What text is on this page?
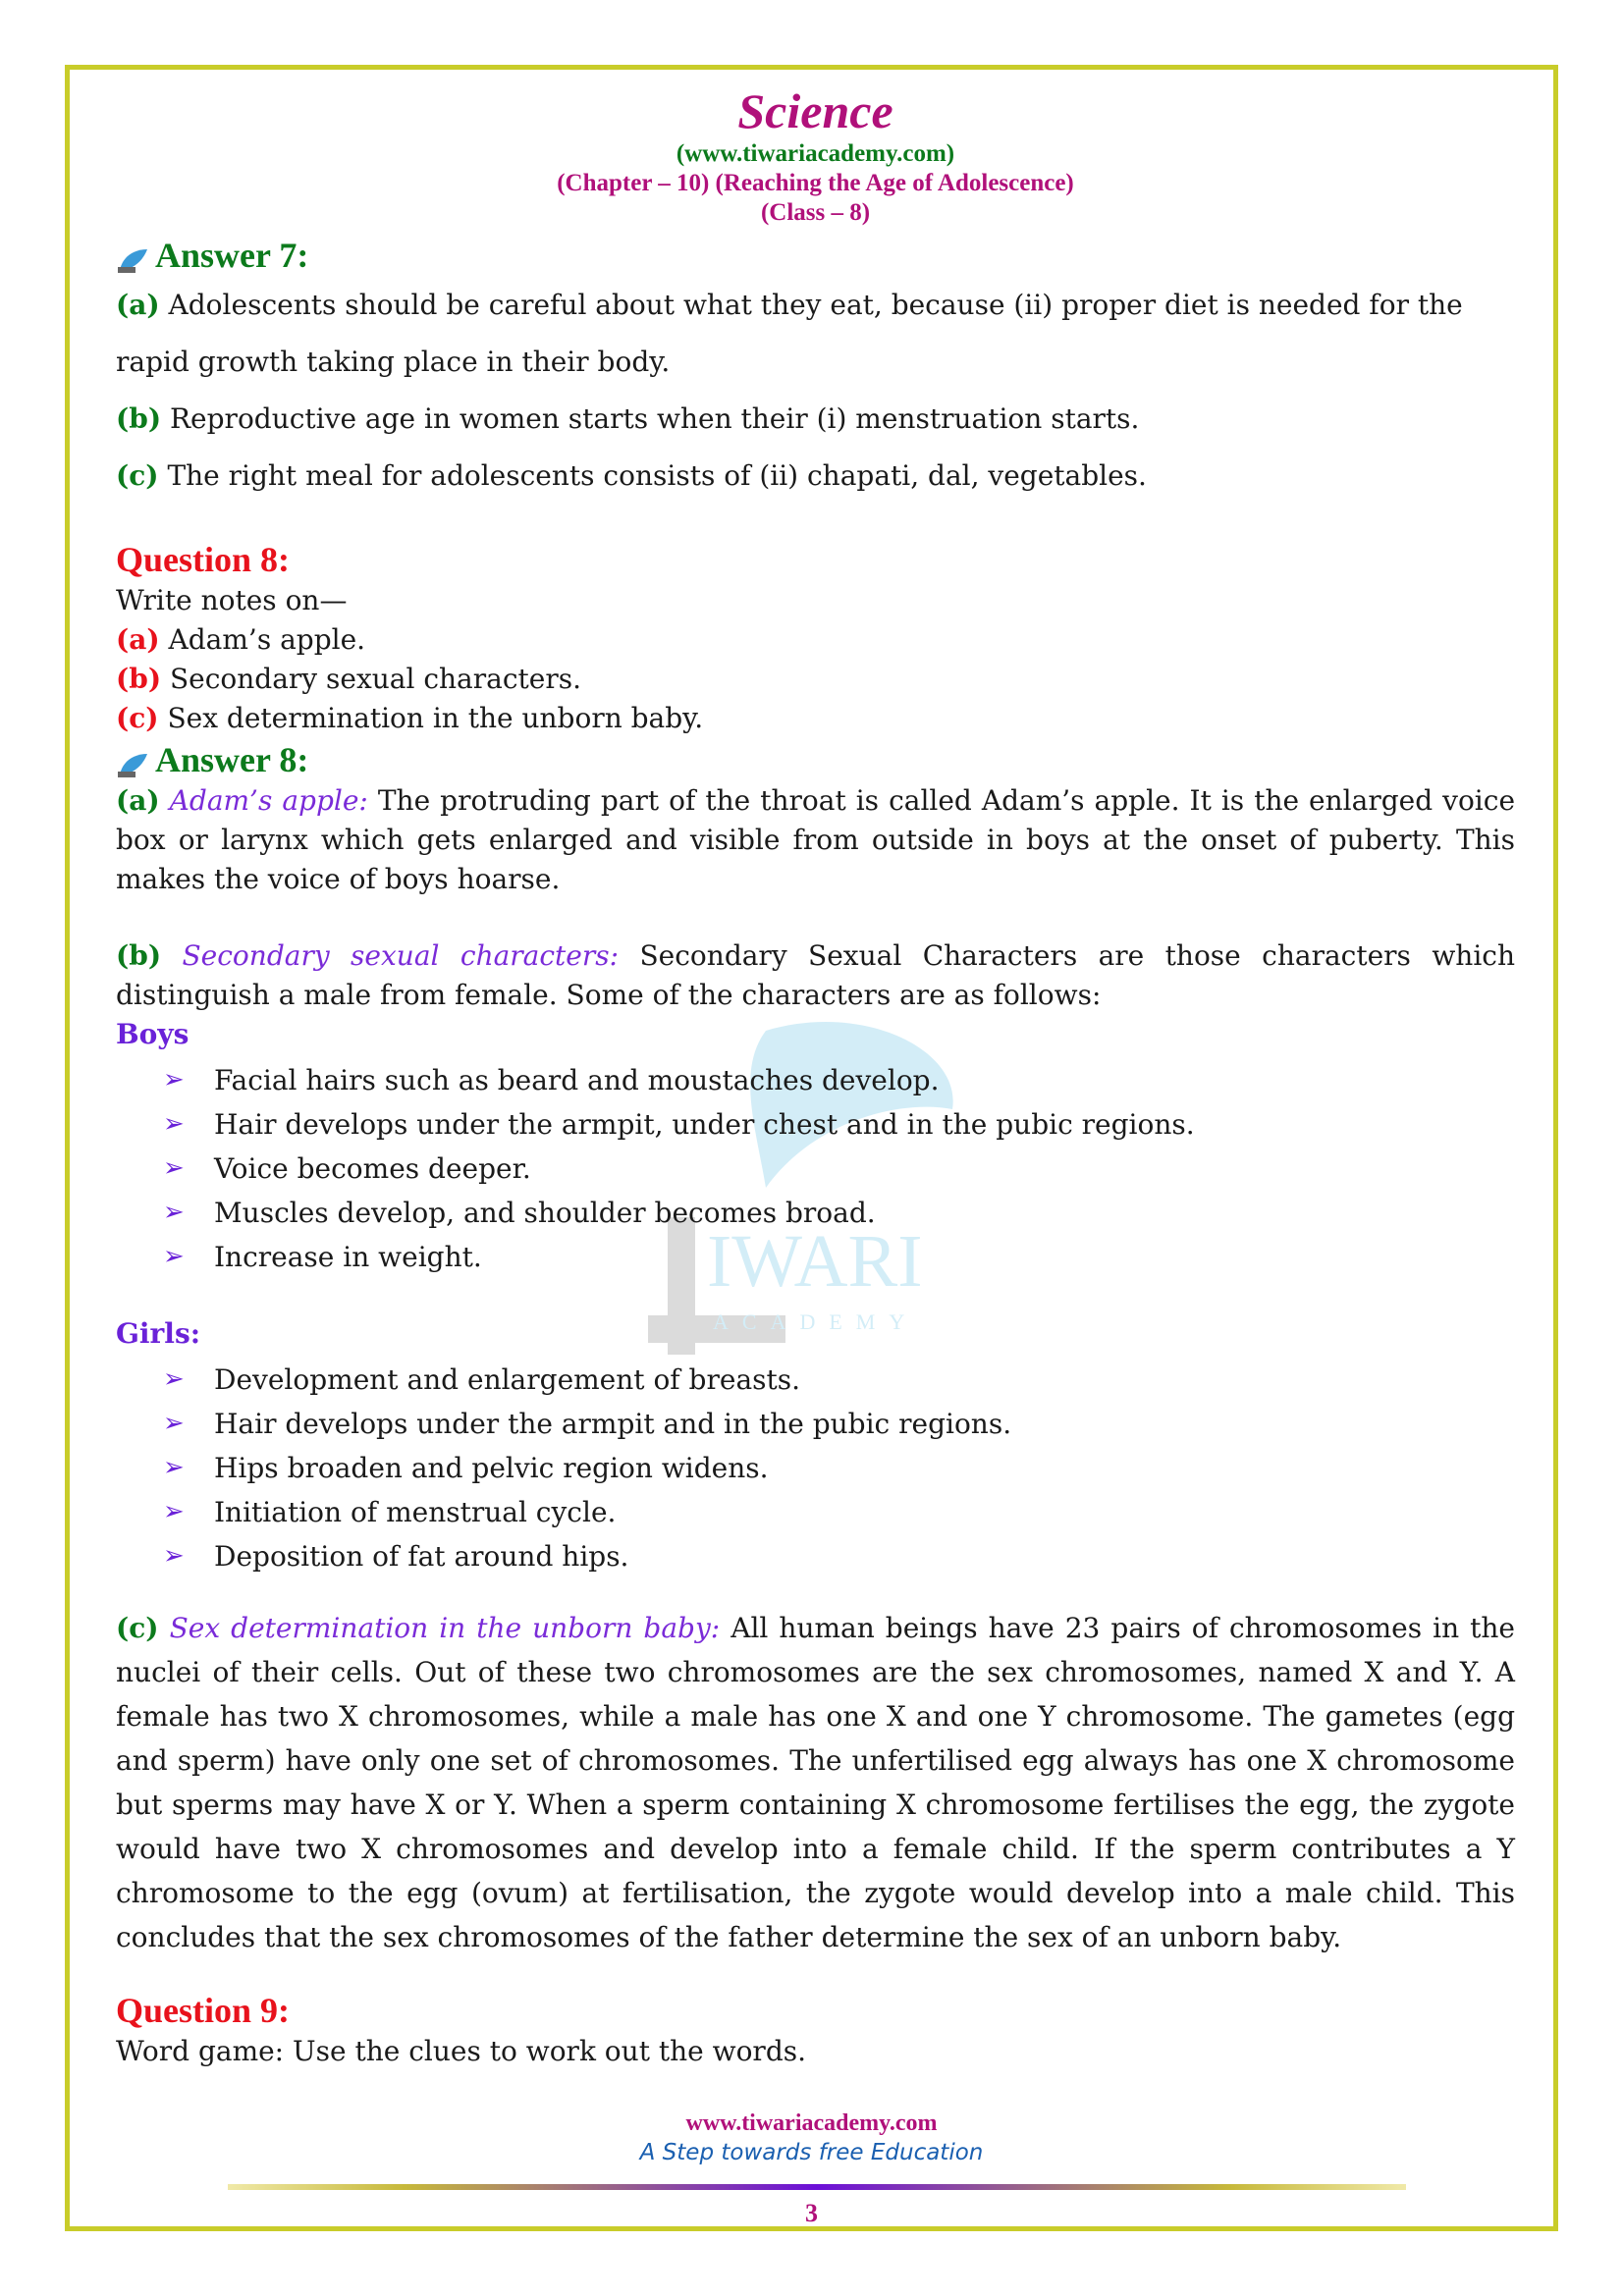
IWARI
ACADEMY
Science
(www.tiwariacademy.com)
(Chapter – 10) (Reaching the Age of Adolescence)
(Class – 8)
Answer 7:

(a) Adolescents should be careful about what they eat, because (ii) proper diet is needed for the rapid growth taking place in their body.

(b) Reproductive age in women starts when their (i) menstruation starts.

(c) The right meal for adolescents consists of (ii) chapati, dal, vegetables.

Question 8:

Write notes on—

(a) Adam’s apple.

(b) Secondary sexual characters.

(c) Sex determination in the unborn baby.

Answer 8:

(a) Adam’s apple: The protruding part of the throat is called Adam’s apple. It is the enlarged voice box or larynx which gets enlarged and visible from outside in boys at the onset of puberty. This makes the voice of boys hoarse.

(b) Secondary sexual characters: Secondary Sexual Characters are those characters which distinguish a male from female. Some of the characters are as follows:

Boys
➢	Facial hairs such as beard and moustaches develop.
➢	Hair develops under the armpit, under chest and in the pubic regions.
➢	Voice becomes deeper.
➢	Muscles develop, and shoulder becomes broad.
➢	Increase in weight.
Girls:
➢	Development and enlargement of breasts.
➢	Hair develops under the armpit and in the pubic regions.
➢	Hips broaden and pelvic region widens.
➢	Initiation of menstrual cycle.
➢	Deposition of fat around hips.

(c) Sex determination in the unborn baby: All human beings have 23 pairs of chromosomes in the nuclei of their cells. Out of these two chromosomes are the sex chromosomes, named X and Y. A female has two X chromosomes, while a male has one X and one Y chromosome. The gametes (egg and sperm) have only one set of chromosomes. The unfertilised egg always has one X chromosome but sperms may have X or Y. When a sperm containing X chromosome fertilises the egg, the zygote would have two X chromosomes and develop into a female child. If the sperm contributes a Y chromosome to the egg (ovum) at fertilisation, the zygote would develop into a male child. This concludes that the sex chromosomes of the father determine the sex of an unborn baby.

Question 9:

Word game: Use the clues to work out the words.

www.tiwariacademy.com
A Step towards free Education
3
